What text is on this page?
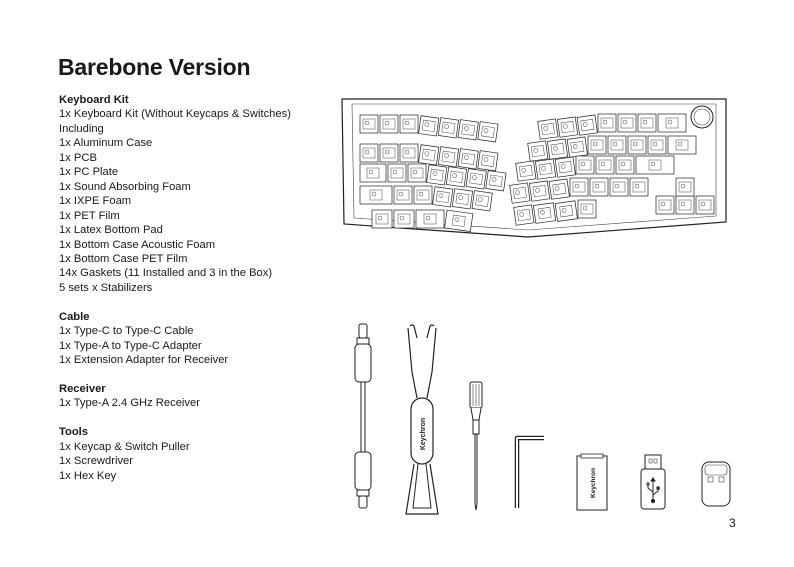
Barebone Version
Keyboard Kit
1x Keyboard Kit (Without Keycaps & Switches)
Including
1x Aluminum Case
1x PCB
1x PC Plate
1x Sound Absorbing Foam
1x IXPE Foam
1x PET Film
1x Latex Bottom Pad
1x Bottom Case Acoustic Foam
1x Bottom Case PET Film
14x Gaskets (11 Installed and 3 in the Box)
5 sets x Stabilizers
Cable
1x Type-C to Type-C Cable
1x Type-A to Type-C Adapter
1x Extension Adapter for Receiver
Receiver
1x Type-A 2.4 GHz Receiver
Tools
1x Keycap & Switch Puller
1x Screwdriver
1x Hex Key
Keychron
Keychron
3
